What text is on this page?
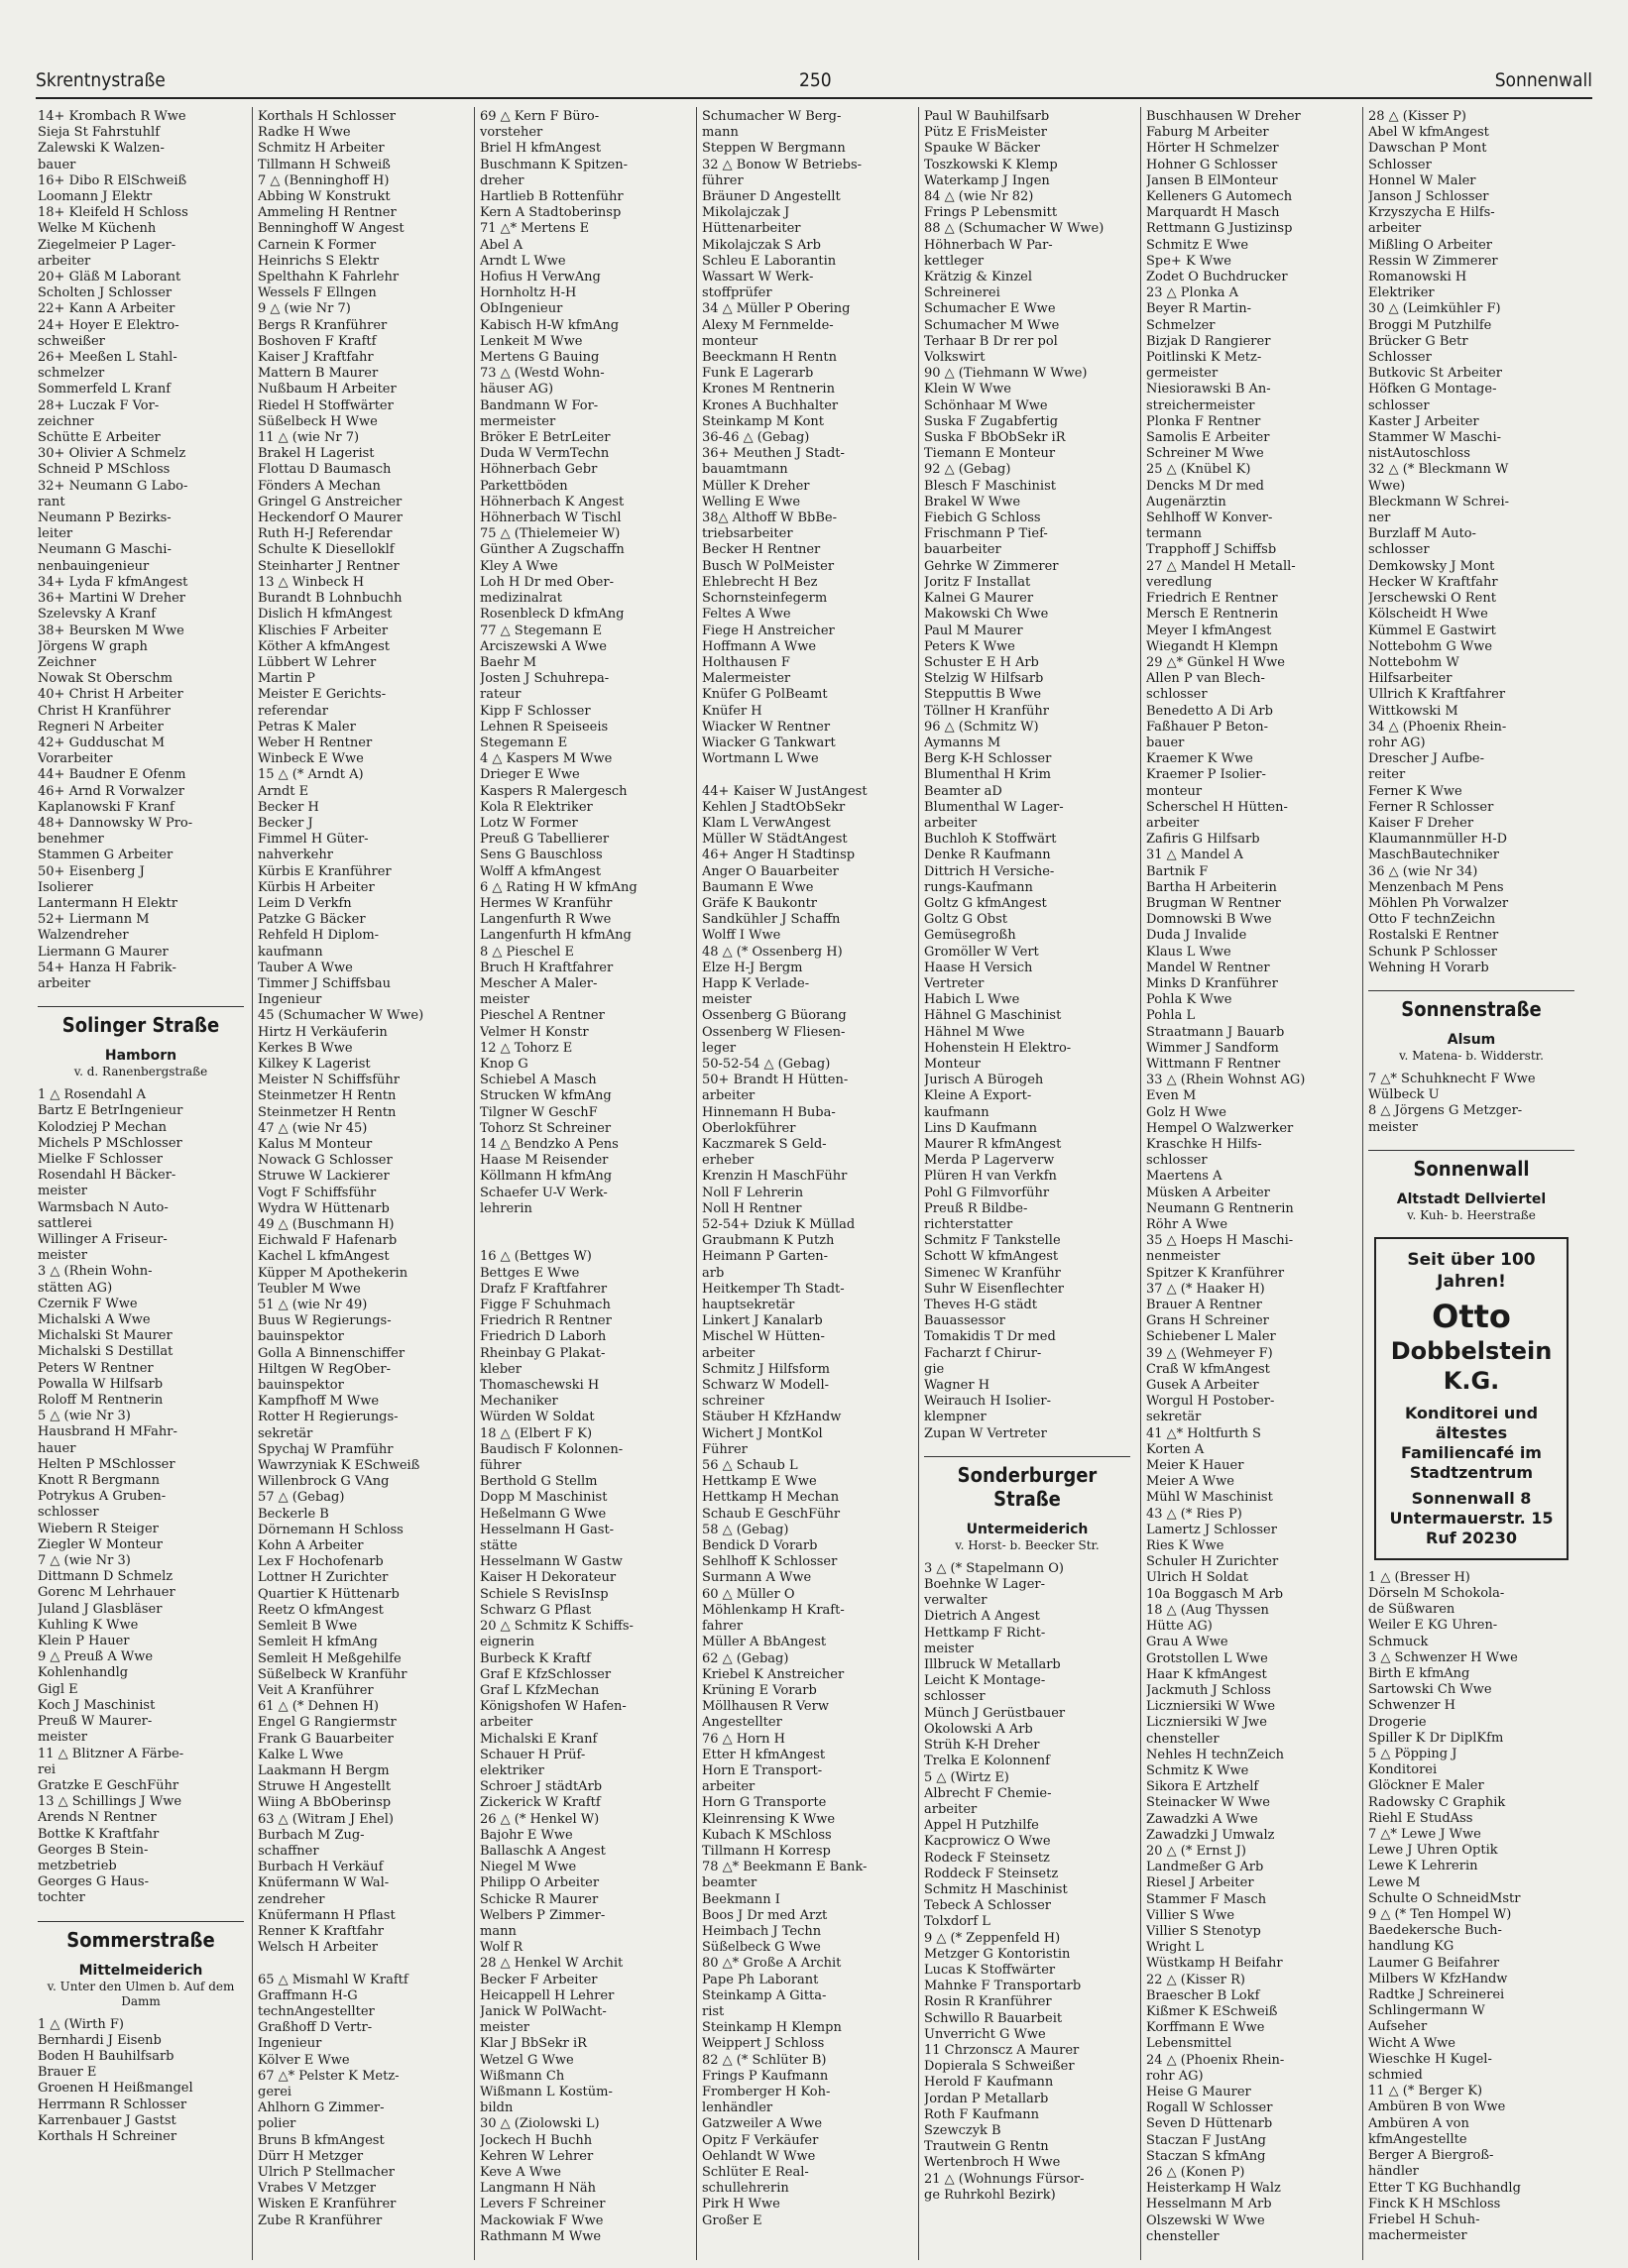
Skrentnystraße	250	Sonnenwall
14+ Krombach R Wwe
Sieja St Fahrstuhlf
Zalewski K Walzen-
bauer
16+ Dibo R ElSchweiß
Loomann J Elektr
18+ Kleifeld H Schloss
Welke M Küchenh
Ziegelmeier P Lager-
arbeiter
20+ Gläß M Laborant
Scholten J Schlosser
22+ Kann A Arbeiter
24+ Hoyer E Elektro-
schweißer
26+ Meeßen L Stahl-
schmelzer
Sommerfeld L Kranf
28+ Luczak F Vor-
zeichner
Schütte E Arbeiter
30+ Olivier A Schmelz
Schneid P MSchloss
32+ Neumann G Labo-
rant
Neumann P Bezirks-
leiter
Neumann G Maschi-
nenbauingenieur
34+ Lyda F kfmAngest
36+ Martini W Dreher
Szelevsky A Kranf
38+ Beursken M Wwe
Jörgens W graph
Zeichner
Nowak St Oberschm
40+ Christ H Arbeiter
Christ H Kranführer
Regneri N Arbeiter
42+ Gudduschat M
Vorarbeiter
44+ Baudner E Ofenm
46+ Arnd R Vorwalzer
Kaplanowski F Kranf
48+ Dannowsky W Pro-
benehmer
Stammen G Arbeiter
50+ Eisenberg J
Isolierer
Lantermann H Elektr
52+ Liermann M
Walzendreher
Liermann G Maurer
54+ Hanza H Fabrik-
arbeiter
Solinger Straße
Hamborn
v. d. Ranenbergstraße
1 △ Rosendahl A
Bartz E BetrIngenieur
Kolodziej P Mechan
Michels P MSchlosser
Mielke F Schlosser
Rosendahl H Bäcker-
meister
Warmsbach N Auto-
sattlerei
Willinger A Friseur-
meister
3 △ (Rhein Wohn-
stätten AG)
Czernik F Wwe
Michalski A Wwe
Michalski St Maurer
Michalski S Destillat
Peters W Rentner
Powalla W Hilfsarb
Roloff M Rentnerin
5 △ (wie Nr 3)
Hausbrand H MFahr-
hauer
Helten P MSchlosser
Knott R Bergmann
Potrykus A Gruben-
schlosser
Wiebern R Steiger
Ziegler W Monteur
7 △ (wie Nr 3)
Dittmann D Schmelz
Gorenc M Lehrhauer
Juland J Glasbläser
Kuhling K Wwe
Klein P Hauer
9 △ Preuß A Wwe
Kohlenhandlg
Gigl E
Koch J Maschinist
Preuß W Maurer-
meister
11 △ Blitzner A Färbe-
rei
Gratzke E GeschFühr
13 △ Schillings J Wwe
Arends N Rentner
Bottke K Kraftfahr
Georges B Stein-
metzbetrieb
Georges G Haus-
tochter
Sommerstraße
Mittelmeiderich
v. Unter den Ulmen b. Auf dem Damm
1 △ (Wirth F)
Bernhardi J Eisenb
Boden H Bauhilfsarb
Brauer E
Groenen H Heißmangel
Herrmann R Schlosser
Karrenbauer J Gastst
Korthals H Schreiner
Korthals H Schlosser
Radke H Wwe
Schmitz H Arbeiter
Tillmann H Schweiß
7 △ (Benninghoff H)
Abbing W Konstrukt
Ammeling H Rentner
Benninghoff W Angest
Carnein K Former
Heinrichs S Elektr
Spelthahn K Fahrlehr
Wessels F Ellngen
9 △ (wie Nr 7)
Bergs R Kranführer
Boshoven F Kraftf
Kaiser J Kraftfahr
Mattern B Maurer
Nußbaum H Arbeiter
Riedel H Stoffwärter
Süßelbeck H Wwe
11 △ (wie Nr 7)
Brakel H Lagerist
Flottau D Baumasch
Fönders A Mechan
Gringel G Anstreicher
Heckendorf O Maurer
Ruth H-J Referendar
Schulte K Dieselloklf
Steinharter J Rentner
13 △ Winbeck H
Burandt B Lohnbuchh
Dislich H kfmAngest
Klischies F Arbeiter
Köther A kfmAngest
Lübbert W Lehrer
Martin P
Meister E Gerichts-
referendar
Petras K Maler
Weber H Rentner
Winbeck E Wwe
15 △ (* Arndt A)
Arndt E
Becker H
Becker J
Fimmel H Güter-
nahverkehr
Kürbis E Kranführer
Kürbis H Arbeiter
Leim D Verkfn
Patzke G Bäcker
Rehfeld H Diplom-
kaufmann
Tauber A Wwe
Timmer J Schiffsbau
Ingenieur
45 (Schumacher W Wwe)
Hirtz H Verkäuferin
Kerkes B Wwe
Kilkey K Lagerist
Meister N Schiffsführ
Steinmetzer H Rentn
Steinmetzer H Rentn
47 △ (wie Nr 45)
Kalus M Monteur
Nowack G Schlosser
Struwe W Lackierer
Vogt F Schiffsführ
Wydra W Hüttenarb
49 △ (Buschmann H)
Eichwald F Hafenarb
Kachel L kfmAngest
Küpper M Apothekerin
Teubler M Wwe
51 △ (wie Nr 49)
Buus W Regierungs-
bauinspektor
Golla A Binnenschiffer
Hiltgen W RegOber-
bauinspektor
Kampfhoff M Wwe
Rotter H Regierungs-
sekretär
Spychaj W Pramführ
Wawrzyniak K ESchweiß
Willenbrock G VAng
57 △ (Gebag)
Beckerle B
Dörnemann H Schloss
Kohn A Arbeiter
Lex F Hochofenarb
Lottner H Zurichter
Quartier K Hüttenarb
Reetz O kfmAngest
Semleit B Wwe
Semleit H kfmAng
Semleit H Meßgehilfe
Süßelbeck W Kranführ
Veit A Kranführer
61 △ (* Dehnen H)
Engel G Rangiermstr
Frank G Bauarbeiter
Kalke L Wwe
Laakmann H Bergm
Struwe H Angestellt
Wiing A BbOberinsp
63 △ (Witram J Ehel)
Burbach M Zug-
schaffner
Burbach H Verkäuf
Knüfermann W Wal-
zendreher
Knüfermann H Pflast
Renner K Kraftfahr
Welsch H Arbeiter

65 △ Mismahl W Kraftf
Graffmann H-G
technAngestellter
Graßhoff D Vertr-
Ingenieur
Kölver E Wwe
67 △* Pelster K Metz-
gerei
Ahlhorn G Zimmer-
polier
Bruns B kfmAngest
Dürr H Metzger
Ulrich P Stellmacher
Vrabes V Metzger
Wisken E Kranführer
Zube R Kranführer
69 △ Kern F Büro-
vorsteher
Briel H kfmAngest
Buschmann K Spitzen-
dreher
Hartlieb B Rottenführ
Kern A Stadtoberinsp
71 △* Mertens E
Abel A
Arndt L Wwe
Hofius H VerwAng
Hornholtz H-H
ObIngenieur
Kabisch H-W kfmAng
Lenkeit M Wwe
Mertens G Bauing
73 △ (Westd Wohn-
häuser AG)
Bandmann W For-
mermeister
Bröker E BetrLeiter
Duda W VermTechn
Höhnerbach Gebr
Parkettböden
Höhnerbach K Angest
Höhnerbach W Tischl
75 △ (Thielemeier W)
Günther A Zugschaffn
Kley A Wwe
Loh H Dr med Ober-
medizinalrat
Rosenbleck D kfmAng
77 △ Stegemann E
Arciszewski A Wwe
Baehr M
Josten J Schuhrepa-
rateur
Kipp F Schlosser
Lehnen R Speiseeis
Stegemann E
4 △ Kaspers M Wwe
Drieger E Wwe
Kaspers R Malergesch
Kola R Elektriker
Lotz W Former
Preuß G Tabellierer
Sens G Bauschloss
Wolff A kfmAngest
6 △ Rating H W kfmAng
Hermes W Kranführ
Langenfurth R Wwe
Langenfurth H kfmAng
8 △ Pieschel E
Bruch H Kraftfahrer
Mescher A Maler-
meister
Pieschel A Rentner
Velmer H Konstr
12 △ Tohorz E
Knop G
Schiebel A Masch
Strucken W kfmAng
Tilgner W GeschF
Tohorz St Schreiner
14 △ Bendzko A Pens
Haase M Reisender
Köllmann H kfmAng
Schaefer U-V Werk-
lehrerin

16 △ (Bettges W)
Bettges E Wwe
Drafz F Kraftfahrer
Figge F Schuhmach
Friedrich R Rentner
Friedrich D Laborh
Rheinbay G Plakat-
kleber
Thomaschewski H
Mechaniker
Würden W Soldat
18 △ (Elbert F K)
Baudisch F Kolonnen-
führer
Berthold G Stellm
Dopp M Maschinist
Heßelmann G Wwe
Hesselmann H Gast-
stätte
Hesselmann W Gastw
Kaiser H Dekorateur
Schiele S RevisInsp
Schwarz G Pflast
20 △ Schmitz K Schiffs-
eignerin
Burbeck K Kraftf
Graf E KfzSchlosser
Graf L KfzMechan
Königshofen W Hafen-
arbeiter
Michalski E Kranf
Schauer H Prüf-
elektriker
Schroer J städtArb
Zickerick W Kraftf
26 △ (* Henkel W)
Bajohr E Wwe
Ballaschk A Angest
Niegel M Wwe
Philipp O Arbeiter
Schicke R Maurer
Welbers P Zimmer-
mann
Wolf R
28 △ Henkel W Archit
Becker F Arbeiter
Heicappell H Lehrer
Janick W PolWacht-
meister
Klar J BbSekr iR
Wetzel G Wwe
Wißmann Ch
Wißmann L Kostüm-
bildn
30 △ (Ziolowski L)
Jockech H Buchh
Kehren W Lehrer
Keve A Wwe
Langmann H Näh
Levers F Schreiner
Mackowiak F Wwe
Rathmann M Wwe
Schumacher W Berg-
mann
Steppen W Bergmann
32 △ Bonow W Betriebs-
führer
Bräuner D Angestellt
Mikolajczak J
Hüttenarbeiter
Mikolajczak S Arb
Schleu E Laborantin
Wassart W Werk-
stoffprüfer
34 △ Müller P Obering
Alexy M Fernmelde-
monteur
Beeckmann H Rentn
Funk E Lagerarb
Krones M Rentnerin
Krones A Buchhalter
Steinkamp M Kont
36-46 △ (Gebag)
36+ Meuthen J Stadt-
bauamtmann
Müller K Dreher
Welling E Wwe
38△ Althoff W BbBe-
triebsarbeiter
Becker H Rentner
Busch W PolMeister
Ehlebrecht H Bez
Schornsteinfegerm
Feltes A Wwe
Fiege H Anstreicher
Hoffmann A Wwe
Holthausen F
Malermeister
Knüfer G PolBeamt
Knüfer H
Wiacker W Rentner
Wiacker G Tankwart
Wortmann L Wwe

44+ Kaiser W JustAngest
Kehlen J StadtObSekr
Klam L VerwAngest
Müller W StädtAngest
46+ Anger H Stadtinsp
Anger O Bauarbeiter
Baumann E Wwe
Gräfe K Baukontr
Sandkühler J Schaffn
Wolff I Wwe
48 △ (* Ossenberg H)
Elze H-J Bergm
Happ K Verlade-
meister
Ossenberg G Büorang
Ossenberg W Fliesen-
leger
50-52-54 △ (Gebag)
50+ Brandt H Hütten-
arbeiter
Hinnemann H Buba-
Oberlokführer
Kaczmarek S Geld-
erheber
Krenzin H MaschFühr
Noll F Lehrerin
Noll H Rentner
52-54+ Dziuk K Müllad
Graubmann K Putzh
Heimann P Garten-
arb
Heitkemper Th Stadt-
hauptsekretär
Linkert J Kanalarb
Mischel W Hütten-
arbeiter
Schmitz J Hilfsform
Schwarz W Modell-
schreiner
Stäuber H KfzHandw
Wichert J MontKol
Führer
56 △ Schaub L
Hettkamp E Wwe
Hettkamp H Mechan
Schaub E GeschFühr
58 △ (Gebag)
Bendick D Vorarb
Sehlhoff K Schlosser
Surmann A Wwe
60 △ Müller O
Möhlenkamp H Kraft-
fahrer
Müller A BbAngest
62 △ (Gebag)
Kriebel K Anstreicher
Krüning E Vorarb
Möllhausen R Verw
Angestellter
76 △ Horn H
Etter H kfmAngest
Horn E Transport-
arbeiter
Horn G Transporte
Kleinrensing K Wwe
Kubach K MSchloss
Tillmann H Korresp
78 △* Beekmann E Bank-
beamter
Beekmann I
Boos J Dr med Arzt
Heimbach J Techn
Süßelbeck G Wwe
80 △* Große A Archit
Pape Ph Laborant
Steinkamp A Gitta-
rist
Steinkamp H Klempn
Weippert J Schloss
82 △ (* Schlüter B)
Frings P Kaufmann
Fromberger H Koh-
lenhändler
Gatzweiler A Wwe
Opitz F Verkäufer
Oehlandt W Wwe
Schlüter E Real-
schullehrerin
Pirk H Wwe
Großer E
Paul W Bauhilfsarb
Pütz E FrisMeister
Spauke W Bäcker
Toszkowski K Klemp
Waterkamp J Ingen
84 △ (wie Nr 82)
Frings P Lebensmitt
88 △ (Schumacher W Wwe)
Höhnerbach W Par-
kettleger
Krätzig & Kinzel
Schreinerei
Schumacher E Wwe
Schumacher M Wwe
Terhaar B Dr rer pol
Volkswirt
90 △ (Tiehmann W Wwe)
Klein W Wwe
Schönhaar M Wwe
Suska F Zugabfertig
Suska F BbObSekr iR
Tiemann E Monteur
92 △ (Gebag)
Blesch F Maschinist
Brakel W Wwe
Fiebich G Schloss
Frischmann P Tief-
bauarbeiter
Gehrke W Zimmerer
Joritz F Installat
Kalnei G Maurer
Makowski Ch Wwe
Paul M Maurer
Peters K Wwe
Schuster E H Arb
Stelzig W Hilfsarb
Stepputtis B Wwe
Töllner H Kranführ
96 △ (Schmitz W)
Aymanns M
Berg K-H Schlosser
Blumenthal H Krim
Beamter aD
Blumenthal W Lager-
arbeiter
Buchloh K Stoffwärt
Denke R Kaufmann
Dittrich H Versiche-
rungs-Kaufmann
Goltz G kfmAngest
Goltz G Obst
Gemüsegroßh
Gromöller W Vert
Haase H Versich
Vertreter
Habich L Wwe
Hähnel G Maschinist
Hähnel M Wwe
Hohenstein H Elektro-
Monteur
Jurisch A Bürogeh
Kleine A Export-
kaufmann
Lins D Kaufmann
Maurer R kfmAngest
Merda P Lagerverw
Plüren H van Verkfn
Pohl G Filmvorführ
Preuß R Bildbe-
richterstatter
Schmitz F Tankstelle
Schott W kfmAngest
Simenec W Kranführ
Suhr W Eisenflechter
Theves H-G städt
Bauassessor
Tomakidis T Dr med
Facharzt f Chirur-
gie
Wagner H
Weirauch H Isolier-
klempner
Zupan W Vertreter
Sonderburger Straße
Untermeiderich
v. Horst- b. Beecker Str.
3 △ (* Stapelmann O)
Boehnke W Lager-
verwalter
Dietrich A Angest
Hettkamp F Richt-
meister
Illbruck W Metallarb
Leicht K Montage-
schlosser
Münch J Gerüstbauer
Okolowski A Arb
Strüh K-H Dreher
Trelka E Kolonnenf
5 △ (Wirtz E)
Albrecht F Chemie-
arbeiter
Appel H Putzhilfe
Kacprowicz O Wwe
Rodeck F Steinsetz
Roddeck F Steinsetz
Schmitz H Maschinist
Tebeck A Schlosser
Tolxdorf L
9 △ (* Zeppenfeld H)
Metzger G Kontoristin
Lucas K Stoffwärter
Mahnke F Transportarb
Rosin R Kranführer
Schwillo R Bauarbeit
Unverricht G Wwe
11 Chrzonscz A Maurer
Dopierala S Schweißer
Herold F Kaufmann
Jordan P Metallarb
Roth F Kaufmann
Szewczyk B
Trautwein G Rentn
Wertenbroch H Wwe
21 △ (Wohnungs Fürsor-
ge Ruhrkohl Bezirk)
Buschhausen W Dreher
Faburg M Arbeiter
Hörter H Schmelzer
Hohner G Schlosser
Jansen B ElMonteur
Kelleners G Automech
Marquardt H Masch
Rettmann G Justizinsp
Schmitz E Wwe
Spe+ K Wwe
Zodet O Buchdrucker
23 △ Plonka A
Beyer R Martin-
Schmelzer
Bizjak D Rangierer
Poitlinski K Metz-
germeister
Niesiorawski B An-
streichermeister
Plonka F Rentner
Samolis E Arbeiter
Schreiner M Wwe
25 △ (Knübel K)
Dencks M Dr med
Augenärztin
Sehlhoff W Konver-
termann
Trapphoff J Schiffsb
27 △ Mandel H Metall-
veredlung
Friedrich E Rentner
Mersch E Rentnerin
Meyer I kfmAngest
Wiegandt H Klempn
29 △* Günkel H Wwe
Allen P van Blech-
schlosser
Benedetto A Di Arb
Faßhauer P Beton-
bauer
Kraemer K Wwe
Kraemer P Isolier-
monteur
Scherschel H Hütten-
arbeiter
Zafiris G Hilfsarb
31 △ Mandel A
Bartnik F
Bartha H Arbeiterin
Brugman W Rentner
Domnowski B Wwe
Duda J Invalide
Klaus L Wwe
Mandel W Rentner
Minks D Kranführer
Pohla K Wwe
Pohla L
Straatmann J Bauarb
Wimmer J Sandform
Wittmann F Rentner
33 △ (Rhein Wohnst AG)
Even M
Golz H Wwe
Hempel O Walzwerker
Kraschke H Hilfs-
schlosser
Maertens A
Müsken A Arbeiter
Neumann G Rentnerin
Röhr A Wwe
35 △ Hoeps H Maschi-
nenmeister
Spitzer K Kranführer
37 △ (* Haaker H)
Brauer A Rentner
Grans H Schreiner
Schiebener L Maler
39 △ (Wehmeyer F)
Craß W kfmAngest
Gusek A Arbeiter
Worgul H Postober-
sekretär
41 △* Holtfurth S
Korten A
Meier K Hauer
Meier A Wwe
Mühl W Maschinist
43 △ (* Ries P)
Lamertz J Schlosser
Ries K Wwe
Schuler H Zurichter
Ulrich H Soldat
10a Boggasch M Arb
18 △ (Aug Thyssen
Hütte AG)
Grau A Wwe
Grotstollen L Wwe
Haar K kfmAngest
Jackmuth J Schloss
Liczniersiki W Wwe
Liczniersiki W Jwe
chensteller
Nehles H technZeich
Schmitz K Wwe
Sikora E Artzhelf
Steinacker W Wwe
Zawadzki A Wwe
Zawadzki J Umwalz
20 △ (* Ernst J)
Landmeßer G Arb
Riesel J Arbeiter
Stammer F Masch
Villier S Wwe
Villier S Stenotyp
Wright L
Wüstkamp H Beifahr
22 △ (Kisser R)
Braescher B Lokf
Kißmer K ESchweiß
Korffmann E Wwe
Lebensmittel
24 △ (Phoenix Rhein-
rohr AG)
Heise G Maurer
Rogall W Schlosser
Seven D Hüttenarb
Staczan F JustAng
Staczan S kfmAng
26 △ (Konen P)
Heisterkamp H Walz
Hesselmann M Arb
Olszewski W Wwe
chensteller
28 △ (Kisser P)
Abel W kfmAngest
Dawschan P Mont
Schlosser
Honnel W Maler
Janson J Schlosser
Krzyszycha E Hilfs-
arbeiter
Mißling O Arbeiter
Ressin W Zimmerer
Romanowski H
Elektriker
30 △ (Leimkühler F)
Broggi M Putzhilfe
Brücker G Betr
Schlosser
Butkovic St Arbeiter
Höfken G Montage-
schlosser
Kaster J Arbeiter
Stammer W Maschi-
nistAutoschloss
32 △ (* Bleckmann W
Wwe)
Bleckmann W Schrei-
ner
Burzlaff M Auto-
schlosser
Demkowsky J Mont
Hecker W Kraftfahr
Jerschewski O Rent
Kölscheidt H Wwe
Kümmel E Gastwirt
Nottebohm G Wwe
Nottebohm W
Hilfsarbeiter
Ullrich K Kraftfahrer
Wittkowski M
34 △ (Phoenix Rhein-
rohr AG)
Drescher J Aufbe-
reiter
Ferner K Wwe
Ferner R Schlosser
Kaiser F Dreher
Klaumannmüller H-D
MaschBautechniker
36 △ (wie Nr 34)
Menzenbach M Pens
Möhlen Ph Vorwalzer
Otto F technZeichn
Rostalski E Rentner
Schunk P Schlosser
Wehning H Vorarb
Sonnenstraße
Alsum
v. Matena- b. Widderstr.
7 △* Schuhknecht F Wwe
Wülbeck U
8 △ Jörgens G Metzger-
meister
Sonnenwall
Altstadt Dellviertel
v. Kuh- b. Heerstraße
Seit über 100 Jahren!
Otto
Dobbelstein K.G.
Konditorei und ältestes Familiencafé im Stadtzentrum
Sonnenwall 8 Untermauerstr. 15 Ruf 20230
1 △ (Bresser H)
Dörseln M Schokola-
de Süßwaren
Weiler E KG Uhren-
Schmuck
3 △ Schwenzer H Wwe
Birth E kfmAng
Sartowski Ch Wwe
Schwenzer H
Drogerie
Spiller K Dr DiplKfm
5 △ Pöpping J
Konditorei
Glöckner E Maler
Radowsky C Graphik
Riehl E StudAss
7 △* Lewe J Wwe
Lewe J Uhren Optik
Lewe K Lehrerin
Lewe M
Schulte O SchneidMstr
9 △ (* Ten Hompel W)
Baedekersche Buch-
handlung KG
Laumer G Beifahrer
Milbers W KfzHandw
Radtke J Schreinerei
Schlingermann W
Aufseher
Wicht A Wwe
Wieschke H Kugel-
schmied
11 △ (* Berger K)
Ambüren B von Wwe
Ambüren A von
kfmAngestellte
Berger A Biergroß-
händler
Etter T KG Buchhandlg
Finck K H MSchloss
Friebel H Schuh-
machermeister
